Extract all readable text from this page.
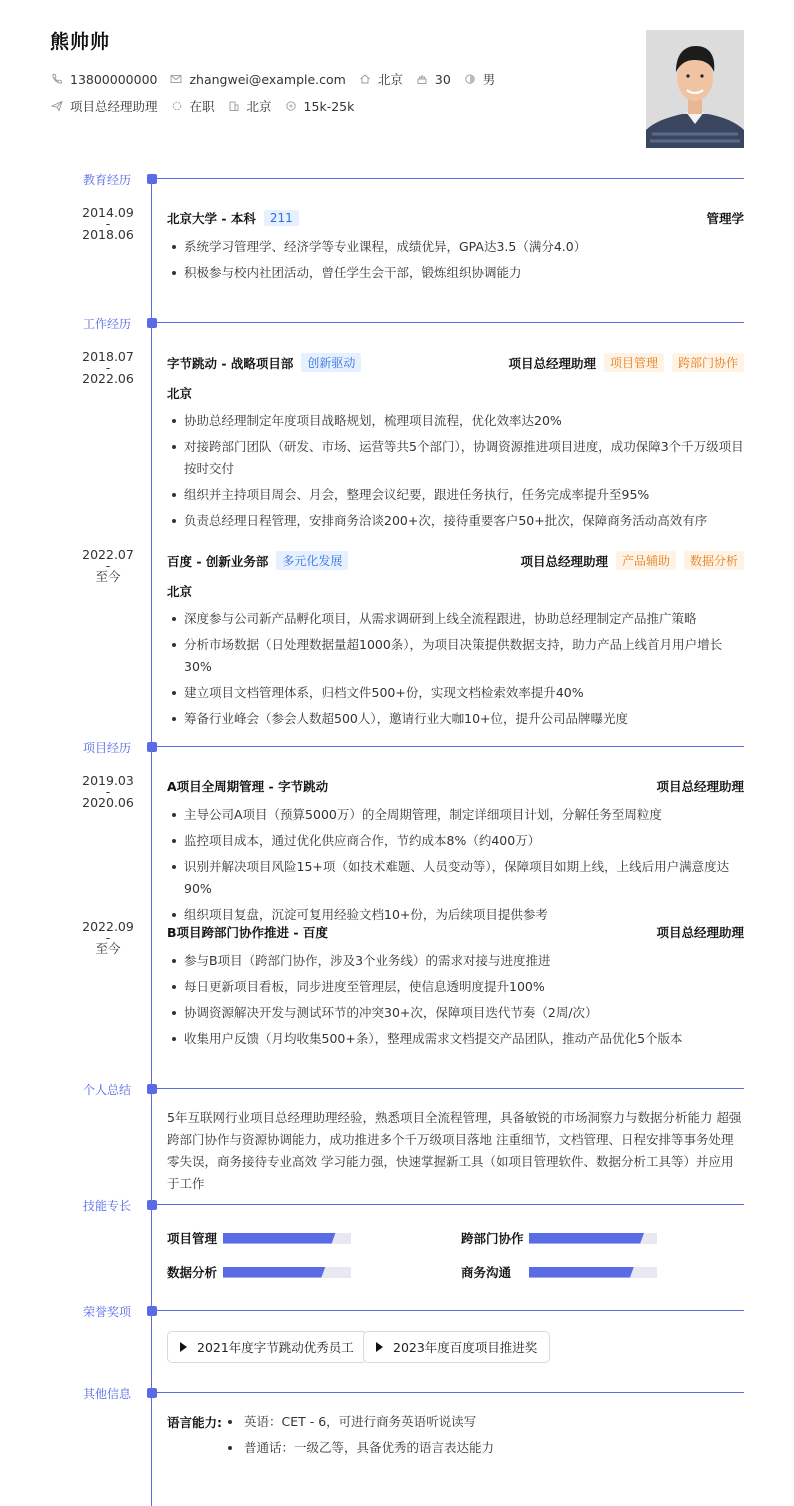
熊帅帅
13800000000	zhangwei@example.com	北京	30	男
项目总经理助理	在职	北京	15k-25k
教育经历
2014.09
-
2018.06
北京大学 - 本科	211	管理学
系统学习管理学、经济学等专业课程，成绩优异，GPA达3.5（满分4.0）
积极参与校内社团活动，曾任学生会干部，锻炼组织协调能力
工作经历
2018.07
-
2022.06
字节跳动 - 战略项目部	创新驱动	项目总经理助理	项目管理	跨部门协作
北京
协助总经理制定年度项目战略规划，梳理项目流程，优化效率达20%
对接跨部门团队（研发、市场、运营等共5个部门），协调资源推进项目进度，成功保障3个千万级项目按时交付
组织并主持项目周会、月会，整理会议纪要，跟进任务执行，任务完成率提升至95%
负责总经理日程管理，安排商务洽谈200+次，接待重要客户50+批次，保障商务活动高效有序
2022.07
-
至今
百度 - 创新业务部	多元化发展	项目总经理助理	产品辅助	数据分析
北京
深度参与公司新产品孵化项目，从需求调研到上线全流程跟进，协助总经理制定产品推广策略
分析市场数据（日处理数据量超1000条），为项目决策提供数据支持，助力产品上线首月用户增长30%
建立项目文档管理体系，归档文件500+份，实现文档检索效率提升40%
筹备行业峰会（参会人数超500人），邀请行业大咖10+位，提升公司品牌曝光度
项目经历
2019.03
-
2020.06
A项目全周期管理 - 字节跳动	项目总经理助理
主导公司A项目（预算5000万）的全周期管理，制定详细项目计划，分解任务至周粒度
监控项目成本，通过优化供应商合作，节约成本8%（约400万）
识别并解决项目风险15+项（如技术难题、人员变动等），保障项目如期上线，上线后用户满意度达90%
组织项目复盘，沉淀可复用经验文档10+份，为后续项目提供参考
2022.09
-
至今
B项目跨部门协作推进 - 百度	项目总经理助理
参与B项目（跨部门协作，涉及3个业务线）的需求对接与进度推进
每日更新项目看板，同步进度至管理层，使信息透明度提升100%
协调资源解决开发与测试环节的冲突30+次，保障项目迭代节奏（2周/次）
收集用户反馈（月均收集500+条），整理成需求文档提交产品团队，推动产品优化5个版本
个人总结
5年互联网行业项目总经理助理经验，熟悉项目全流程管理，具备敏锐的市场洞察力与数据分析能力 超强跨部门协作与资源协调能力，成功推进多个千万级项目落地 注重细节，文档管理、日程安排等事务处理零失误，商务接待专业高效 学习能力强，快速掌握新工具（如项目管理软件、数据分析工具等）并应用于工作
技能专长
项目管理	跨部门协作
数据分析	商务沟通
荣誉奖项
2021年度字节跳动优秀员工	2023年度百度项目推进奖
其他信息
语言能力:	英语：CET - 6，可进行商务英语听说读写
普通话：一级乙等，具备优秀的语言表达能力
